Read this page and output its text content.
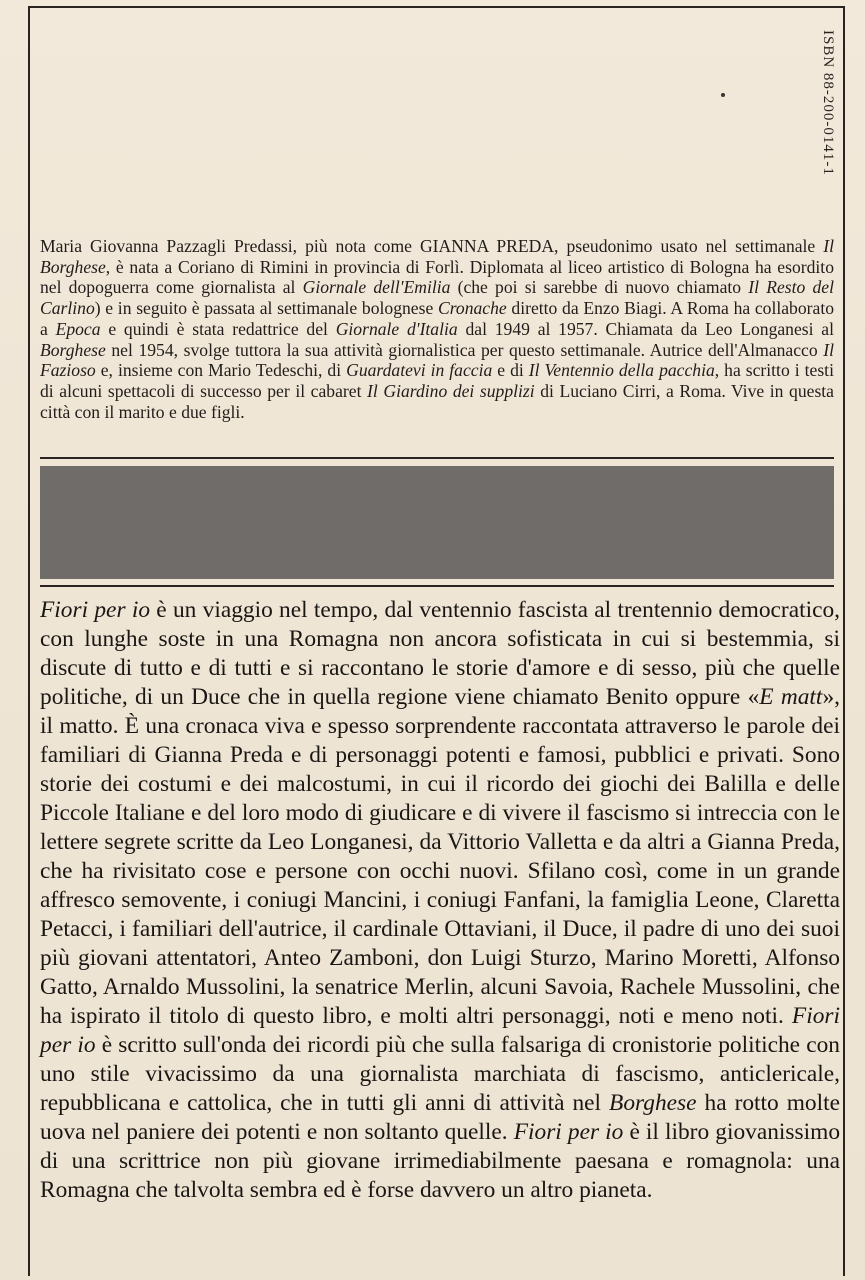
ISBN 88-200-0141-1

Maria Giovanna Pazzagli Predassi, più nota come GIANNA PREDA, pseudonimo usato nel settimanale Il Borghese, è nata a Coriano di Rimini in provincia di Forlì. Diplomata al liceo artistico di Bologna ha esordito nel dopoguerra come giornalista al Giornale dell'Emilia (che poi si sarebbe di nuovo chiamato Il Resto del Carlino) e in seguito è passata al settimanale bolognese Cronache diretto da Enzo Biagi. A Roma ha collaborato a Epoca e quindi è stata redattrice del Giornale d'Italia dal 1949 al 1957. Chiamata da Leo Longanesi al Borghese nel 1954, svolge tuttora la sua attività giornalistica per questo settimanale. Autrice dell'Almanacco Il Fazioso e, insieme con Mario Tedeschi, di Guardatevi in faccia e di Il Ventennio della pacchia, ha scritto i testi di alcuni spettacoli di successo per il cabaret Il Giardino dei supplizi di Luciano Cirri, a Roma. Vive in questa città con il marito e due figli.

Fiori per io è un viaggio nel tempo, dal ventennio fascista al trentennio democratico, con lunghe soste in una Romagna non ancora sofisticata in cui si bestemmia, si discute di tutto e di tutti e si raccontano le storie d'amore e di sesso, più che quelle politiche, di un Duce che in quella regione viene chiamato Benito oppure «E matt», il matto. È una cronaca viva e spesso sorprendente raccontata attraverso le parole dei familiari di Gianna Preda e di personaggi potenti e famosi, pubblici e privati. Sono storie dei costumi e dei malcostumi, in cui il ricordo dei giochi dei Balilla e delle Piccole Italiane e del loro modo di giudicare e di vivere il fascismo si intreccia con le lettere segrete scritte da Leo Longanesi, da Vittorio Valletta e da altri a Gianna Preda, che ha rivisitato cose e persone con occhi nuovi. Sfilano così, come in un grande affresco semovente, i coniugi Mancini, i coniugi Fanfani, la famiglia Leone, Claretta Petacci, i familiari dell'autrice, il cardinale Ottaviani, il Duce, il padre di uno dei suoi più giovani attentatori, Anteo Zamboni, don Luigi Sturzo, Marino Moretti, Alfonso Gatto, Arnaldo Mussolini, la senatrice Merlin, alcuni Savoia, Rachele Mussolini, che ha ispirato il titolo di questo libro, e molti altri personaggi, noti e meno noti. Fiori per io è scritto sull'onda dei ricordi più che sulla falsariga di cronistorie politiche con uno stile vivacissimo da una giornalista marchiata di fascismo, anticlericale, repubblicana e cattolica, che in tutti gli anni di attività nel Borghese ha rotto molte uova nel paniere dei potenti e non soltanto quelle. Fiori per io è il libro giovanissimo di una scrittrice non più giovane irrimediabilmente paesana e romagnola: una Romagna che talvolta sembra ed è forse davvero un altro pianeta.
